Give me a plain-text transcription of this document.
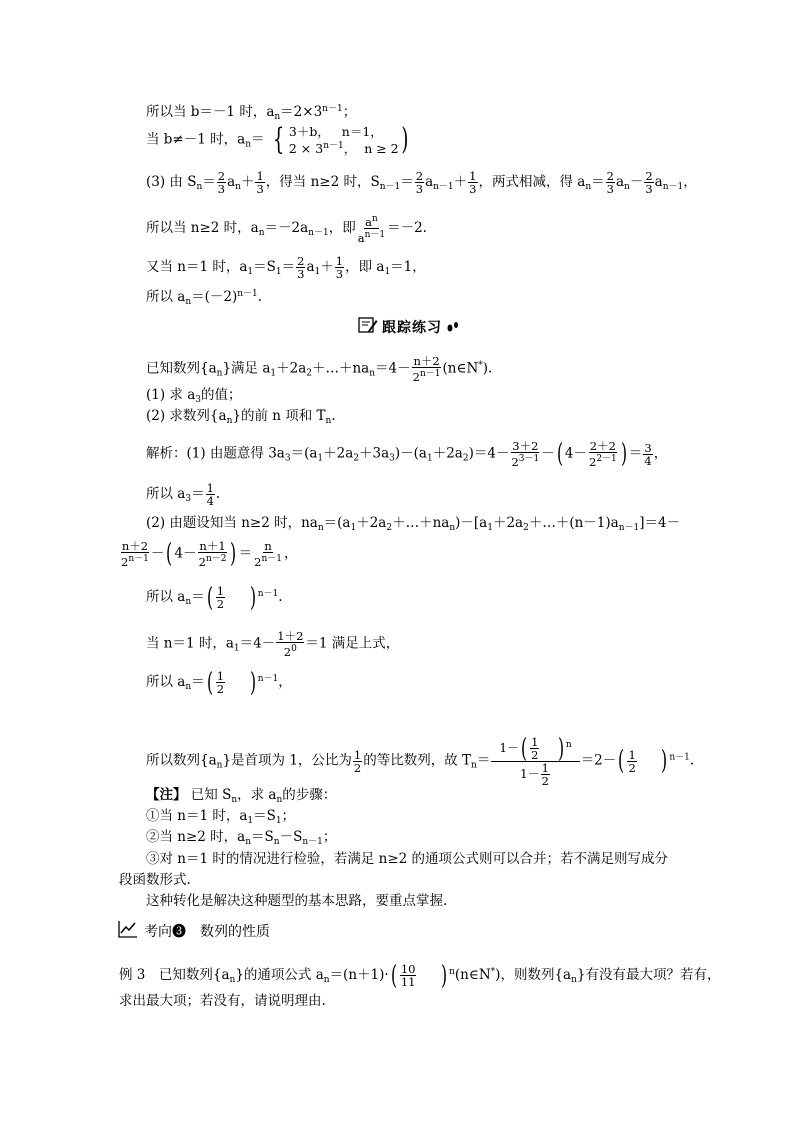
所以当 b＝－1 时，$a_n=2\times 3^{n-1}$；
当 b≠－1 时，$a_n=$ { 3＋b， n＝1，
$2 \times 3^{n-1}$，  n ≥ 2 )
(3) 由 $S_n= \frac{2}{3} a_n+ \frac{1}{3}$ ，得当 n≥2 时，$S_{n-1}= \frac{2}{3} a_{n-1}+ \frac{1}{3}$ ，两式相减，得 $a_n= \frac{2}{3} a_n- \frac{2}{3} a_{n-1}$，
所以当 n≥2 时，$a_n=-2a_{n-1}$，即 $\frac{a^n}{a^{n-1}} =-2$.
又当 n＝1 时，$a_1=S_1= \frac{2}{3} a_1+ \frac{1}{3}$ ，即 $a_1=1$，
所以 $a_n=(-2)^{n-1}$.
跟踪练习
已知数列$\{a_n\}$满足 $a_1+2a_2+\dots+na_n=4- \frac{n+2}{2^{n-1}}$ (n∈N*).
(1) 求 $a_3$的值；
(2) 求数列$\{a_n\}$的前 n 项和 $T_n$.
解析：(1) 由题意得 $3a_3=(a_1+2a_2+3a_3)-(a_1+2a_2)=4- \frac{3+2}{2^{3-1}}$ －( $4- \frac{2+2}{2^{2-1}}$ ) ＝ $\frac{3}{4}$ ，
所以 $a_3= \frac{1}{4}$ .
(2) 由题设知当 n≥2 时，$na_n=(a_1+2a_2+\dots+na_n)-[a_1+2a_2+\dots+(n-1)a_{n-1}]=4-$
$\frac{n+2}{2^{n-1}}$ －( $4- \frac{n+1}{2^{n-2}}$ ) ＝ $\frac{n}{2^{n-1}}$ ，
所以 $a_n=( \frac{1}{2}$ ) $^{n-1}$.
当 n＝1 时，$a_1=4- \frac{1+2}{2^0} =1$ 满足上式，
所以 $a_n=( \frac{1}{2}$ ) $^{n-1}$，
所以数列$\{a_n\}$是首项为 1，公比为 $\frac{1}{2}$ 的等比数列，故 $T_n= \frac{1-( \frac{1}{2} ) ^n}{1- \frac{1}{2}} =2-( \frac{1}{2}$ ) $^{n-1}$.
【注】 已知 $S_n$，求 $a_n$的步骤：
①当 n＝1 时，$a_1=S_1$；
②当 n≥2 时，$a_n=S_n-S_{n-1}$；
③对 n＝1 时的情况进行检验，若满足 n≥2 的通项公式则可以合并；若不满足则写成分
段函数形式.
这种转化是解决这种题型的基本思路，要重点掌握.
考向❸ 数列的性质
例 3　已知数列$\{a_n\}$的通项公式 $a_n=(n+1)\cdot( \frac{10}{11}$ ) $^n$(n∈N*)，则数列$\{a_n\}$有没有最大项？若有，
求出最大项；若没有，请说明理由.
